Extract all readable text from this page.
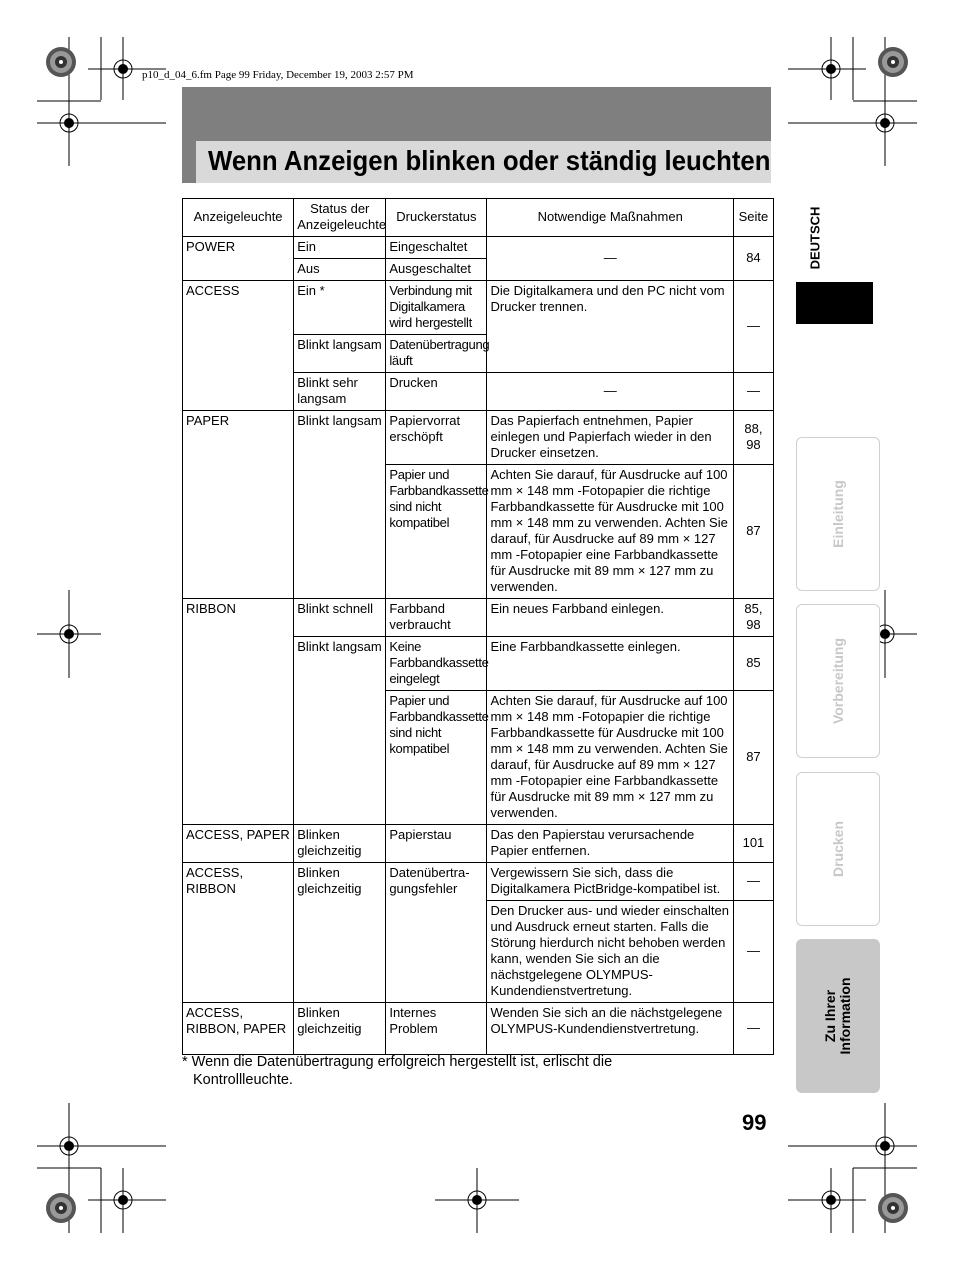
p10_d_04_6.fm Page 99 Friday, December 19, 2003 2:57 PM
Wenn Anzeigen blinken oder ständig leuchten
Anzeigeleuchte	Status der Anzeigeleuchte	Druckerstatus	Notwendige Maßnahmen	Seite
POWER	Ein	Eingeschaltet	—	84
	Aus	Ausgeschaltet		
ACCESS	Ein *	Verbindung mit Digitalkamera wird hergestellt	Die Digitalkamera und den PC nicht vom Drucker trennen.	—
	Blinkt langsam	Datenübertragung läuft		
	Blinkt sehr langsam	Drucken	—	—
PAPER	Blinkt langsam	Papiervorrat erschöpft	Das Papierfach entnehmen, Papier einlegen und Papierfach wieder in den Drucker einsetzen.	88, 98
		Papier und Farbbandkassette sind nicht kompatibel	Achten Sie darauf, für Ausdrucke auf 100 mm × 148 mm -Fotopapier die richtige Farbbandkassette für Ausdrucke mit 100 mm × 148 mm zu verwenden. Achten Sie darauf, für Ausdrucke auf 89 mm × 127 mm -Fotopapier eine Farbbandkassette für Ausdrucke mit 89 mm × 127 mm zu verwenden.	87
RIBBON	Blinkt schnell	Farbband verbraucht	Ein neues Farbband einlegen.	85, 98
	Blinkt langsam	Keine Farbbandkassette eingelegt	Eine Farbbandkassette einlegen.	85
		Papier und Farbbandkassette sind nicht kompatibel	Achten Sie darauf, für Ausdrucke auf 100 mm × 148 mm -Fotopapier die richtige Farbbandkassette für Ausdrucke mit 100 mm × 148 mm zu verwenden. Achten Sie darauf, für Ausdrucke auf 89 mm × 127 mm -Fotopapier eine Farbbandkassette für Ausdrucke mit 89 mm × 127 mm zu verwenden.	87
ACCESS, PAPER	Blinken gleichzeitig	Papierstau	Das den Papierstau verursachende Papier entfernen.	101
ACCESS, RIBBON	Blinken gleichzeitig	Datenübertra-gungsfehler	Vergewissern Sie sich, dass die Digitalkamera PictBridge-kompatibel ist.	—
			Den Drucker aus- und wieder einschalten und Ausdruck erneut starten. Falls die Störung hierdurch nicht behoben werden kann, wenden Sie sich an die nächstgelegene OLYMPUS-Kundendienstvertretung.	—
ACCESS, RIBBON, PAPER	Blinken gleichzeitig	Internes Problem	Wenden Sie sich an die nächstgelegene OLYMPUS-Kundendienstvertretung.	—
* Wenn die Datenübertragung erfolgreich hergestellt ist, erlischt die
Kontrollleuchte.
99
DEUTSCH
Einleitung
Vorbereitung
Drucken
Zu Ihrer Information
